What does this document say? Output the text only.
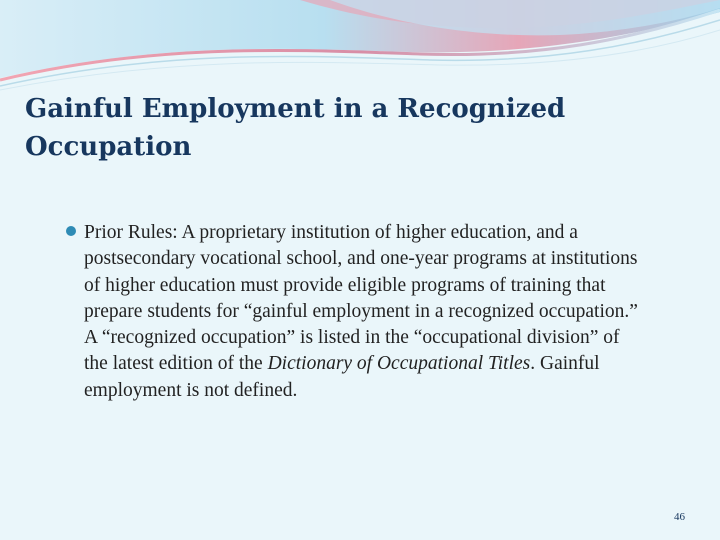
Gainful Employment in a Recognized Occupation
Prior Rules: A proprietary institution of higher education, and a postsecondary vocational school, and one-year programs at institutions of higher education must provide eligible programs of training that prepare students for “gainful employment in a recognized occupation.” A “recognized occupation” is listed in the “occupational division” of the latest edition of the Dictionary of Occupational Titles. Gainful employment is not defined.
46
